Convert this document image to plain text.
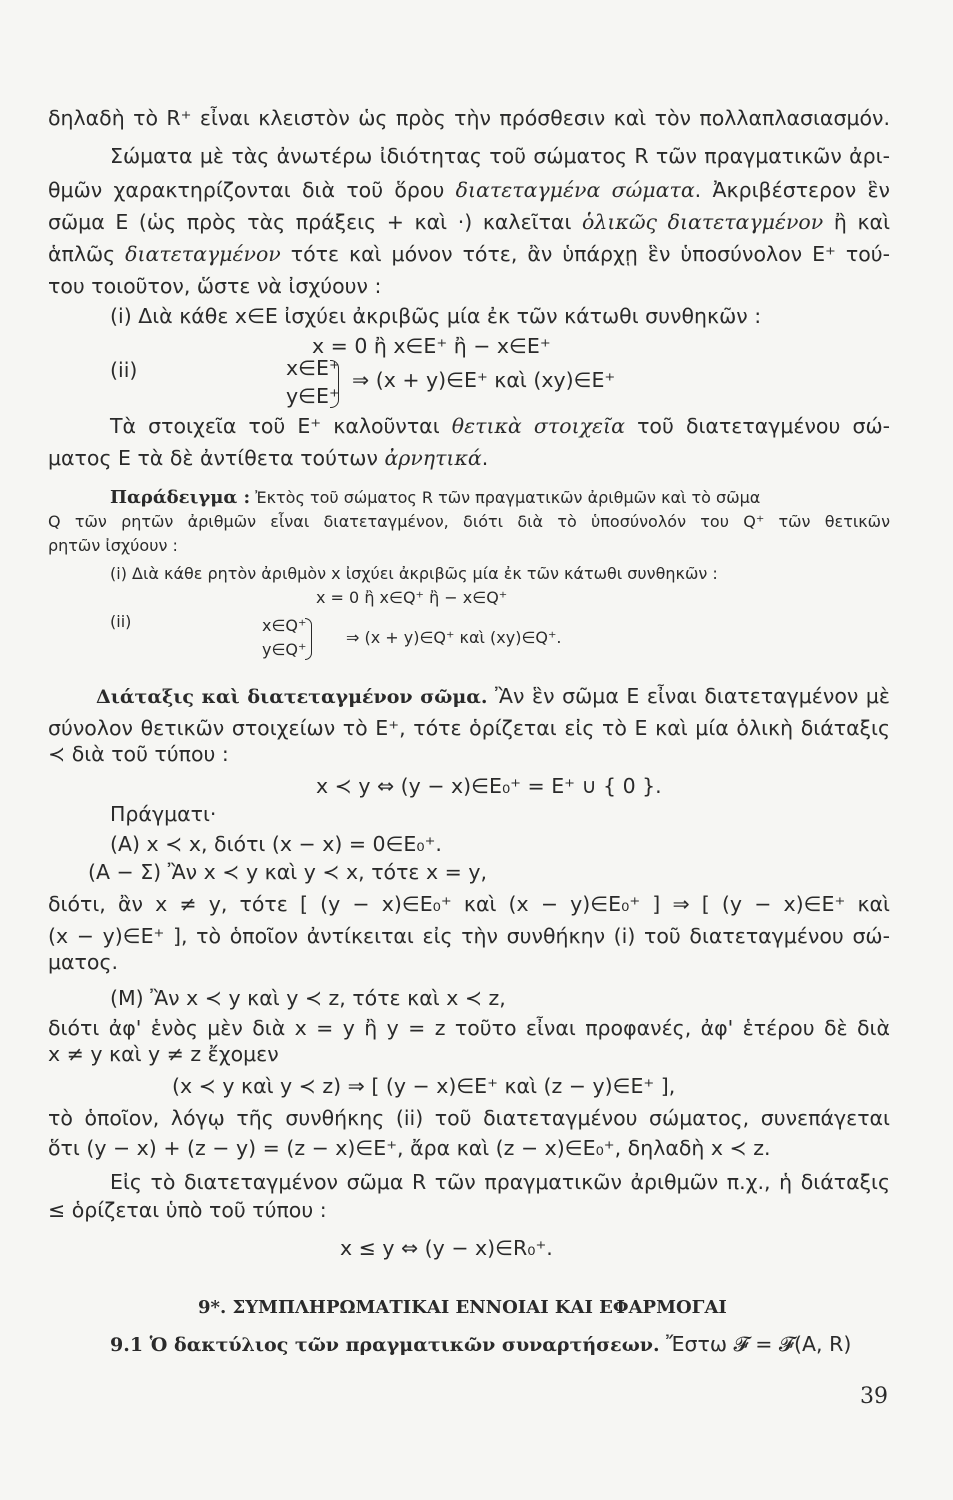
δηλαδὴ τὸ R⁺ εἶναι κλειστὸν ὡς πρὸς τὴν πρόσθεσιν καὶ τὸν πολλαπλασιασμόν.
Σώματα μὲ τὰς ἀνωτέρω ἰδιότητας τοῦ σώματος R τῶν πραγματικῶν ἀρι-
θμῶν χαρακτηρίζονται διὰ τοῦ ὅρου διατεταγμένα σώματα. Ἀκριβέστερον ἓν
σῶμα E (ὡς πρὸς τὰς πράξεις + καὶ ·) καλεῖται ὁλικῶς διατεταγμένον ἢ καὶ
ἁπλῶς διατεταγμένον τότε καὶ μόνον τότε, ἂν ὑπάρχῃ ἓν ὑποσύνολον E⁺ τού-
του τοιοῦτον, ὥστε νὰ ἰσχύουν :
(i) Διὰ κάθε x∈E ἰσχύει ἀκριβῶς μία ἐκ τῶν κάτωθι συνθηκῶν :
x = 0 ἢ x∈E⁺ ἢ − x∈E⁺
(ii)	x∈E⁺
y∈E⁺
⇒ (x + y)∈E⁺ καὶ (xy)∈E⁺
Τὰ στοιχεῖα τοῦ E⁺ καλοῦνται θετικὰ στοιχεῖα τοῦ διατεταγμένου σώ-
ματος E τὰ δὲ ἀντίθετα τούτων ἀρνητικά.
Παράδειγμα : Ἐκτὸς τοῦ σώματος R τῶν πραγματικῶν ἀριθμῶν καὶ τὸ σῶμα
Q τῶν ρητῶν ἀριθμῶν εἶναι διατεταγμένον, διότι διὰ τὸ ὑποσύνολόν του Q⁺ τῶν θετικῶν
ρητῶν ἰσχύουν :
(i) Διὰ κάθε ρητὸν ἀριθμὸν x ἰσχύει ἀκριβῶς μία ἐκ τῶν κάτωθι συνθηκῶν :
x = 0 ἢ x∈Q⁺ ἢ − x∈Q⁺
(ii)	x∈Q⁺
y∈Q⁺
⇒ (x + y)∈Q⁺ καὶ (xy)∈Q⁺.
Διάταξις καὶ διατεταγμένον σῶμα. Ἂν ἓν σῶμα E εἶναι διατεταγμένον μὲ
σύνολον θετικῶν στοιχείων τὸ E⁺, τότε ὁρίζεται εἰς τὸ E καὶ μία ὁλικὴ διάταξις
≺ διὰ τοῦ τύπου :
x ≺ y ⇔ (y − x)∈E₀⁺ = E⁺ ∪ { 0 }.
Πράγματι·
(A) x ≺ x, διότι (x − x) = 0∈E₀⁺.
(A − Σ) Ἂν x ≺ y καὶ y ≺ x, τότε x = y,
διότι, ἂν x ≠ y, τότε [ (y − x)∈E₀⁺ καὶ (x − y)∈E₀⁺ ] ⇒ [ (y − x)∈E⁺ καὶ
(x − y)∈E⁺ ], τὸ ὁποῖον ἀντίκειται εἰς τὴν συνθήκην (i) τοῦ διατεταγμένου σώ-
ματος.
(M) Ἂν x ≺ y καὶ y ≺ z, τότε καὶ x ≺ z,
διότι ἀφ' ἑνὸς μὲν διὰ x = y ἢ y = z τοῦτο εἶναι προφανές, ἀφ' ἑτέρου δὲ διὰ
x ≠ y καὶ y ≠ z ἔχομεν
(x ≺ y καὶ y ≺ z) ⇒ [ (y − x)∈E⁺ καὶ (z − y)∈E⁺ ],
τὸ ὁποῖον, λόγῳ τῆς συνθήκης (ii) τοῦ διατεταγμένου σώματος, συνεπάγεται
ὅτι (y − x) + (z − y) = (z − x)∈E⁺, ἄρα καὶ (z − x)∈E₀⁺, δηλαδὴ x ≺ z.
Εἰς τὸ διατεταγμένον σῶμα R τῶν πραγματικῶν ἀριθμῶν π.χ., ἡ διάταξις
≤ ὁρίζεται ὑπὸ τοῦ τύπου :
x ≤ y ⇔ (y − x)∈R₀⁺.
9*. ΣΥΜΠΛΗΡΩΜΑΤΙΚΑΙ ΕΝΝΟΙΑΙ ΚΑΙ ΕΦΑΡΜΟΓΑΙ
9.1 Ὁ δακτύλιος τῶν πραγματικῶν συναρτήσεων. Ἔστω 𝓕 = 𝓕(A, R)
39
